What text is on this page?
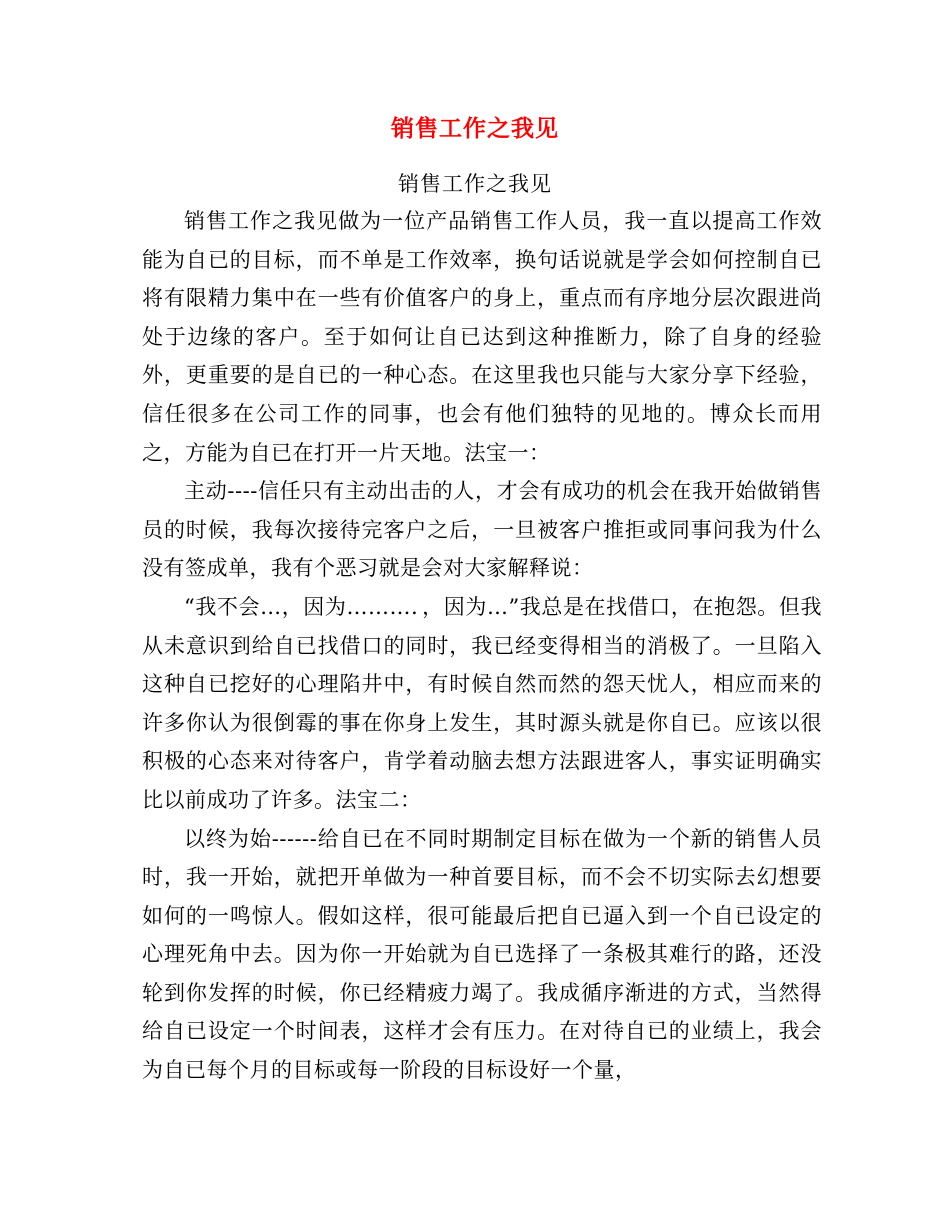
销售工作之我见
销售工作之我见

销售工作之我见做为一位产品销售工作人员，我一直以提高工作效能为自已的目标，而不单是工作效率，换句话说就是学会如何控制自已将有限精力集中在一些有价值客户的身上，重点而有序地分层次跟进尚处于边缘的客户。至于如何让自已达到这种推断力，除了自身的经验外，更重要的是自已的一种心态。在这里我也只能与大家分享下经验，信任很多在公司工作的同事，也会有他们独特的见地的。博众长而用之，方能为自已在打开一片天地。法宝一：

主动----信任只有主动出击的人，才会有成功的机会在我开始做销售员的时候，我每次接待完客户之后，一旦被客户推拒或同事问我为什么没有签成单，我有个恶习就是会对大家解释说：

“我不会…，因为………．，因为…”我总是在找借口，在抱怨。但我从未意识到给自已找借口的同时，我已经变得相当的消极了。一旦陷入这种自已挖好的心理陷井中，有时候自然而然的怨天忧人，相应而来的许多你认为很倒霉的事在你身上发生，其时源头就是你自已。应该以很积极的心态来对待客户，肯学着动脑去想方法跟进客人，事实证明确实比以前成功了许多。法宝二：

以终为始------给自已在不同时期制定目标在做为一个新的销售人员时，我一开始，就把开单做为一种首要目标，而不会不切实际去幻想要如何的一鸣惊人。假如这样，很可能最后把自已逼入到一个自已设定的心理死角中去。因为你一开始就为自已选择了一条极其难行的路，还没轮到你发挥的时候，你已经精疲力竭了。我成循序渐进的方式，当然得给自已设定一个时间表，这样才会有压力。在对待自已的业绩上，我会为自已每个月的目标或每一阶段的目标设好一个量，
